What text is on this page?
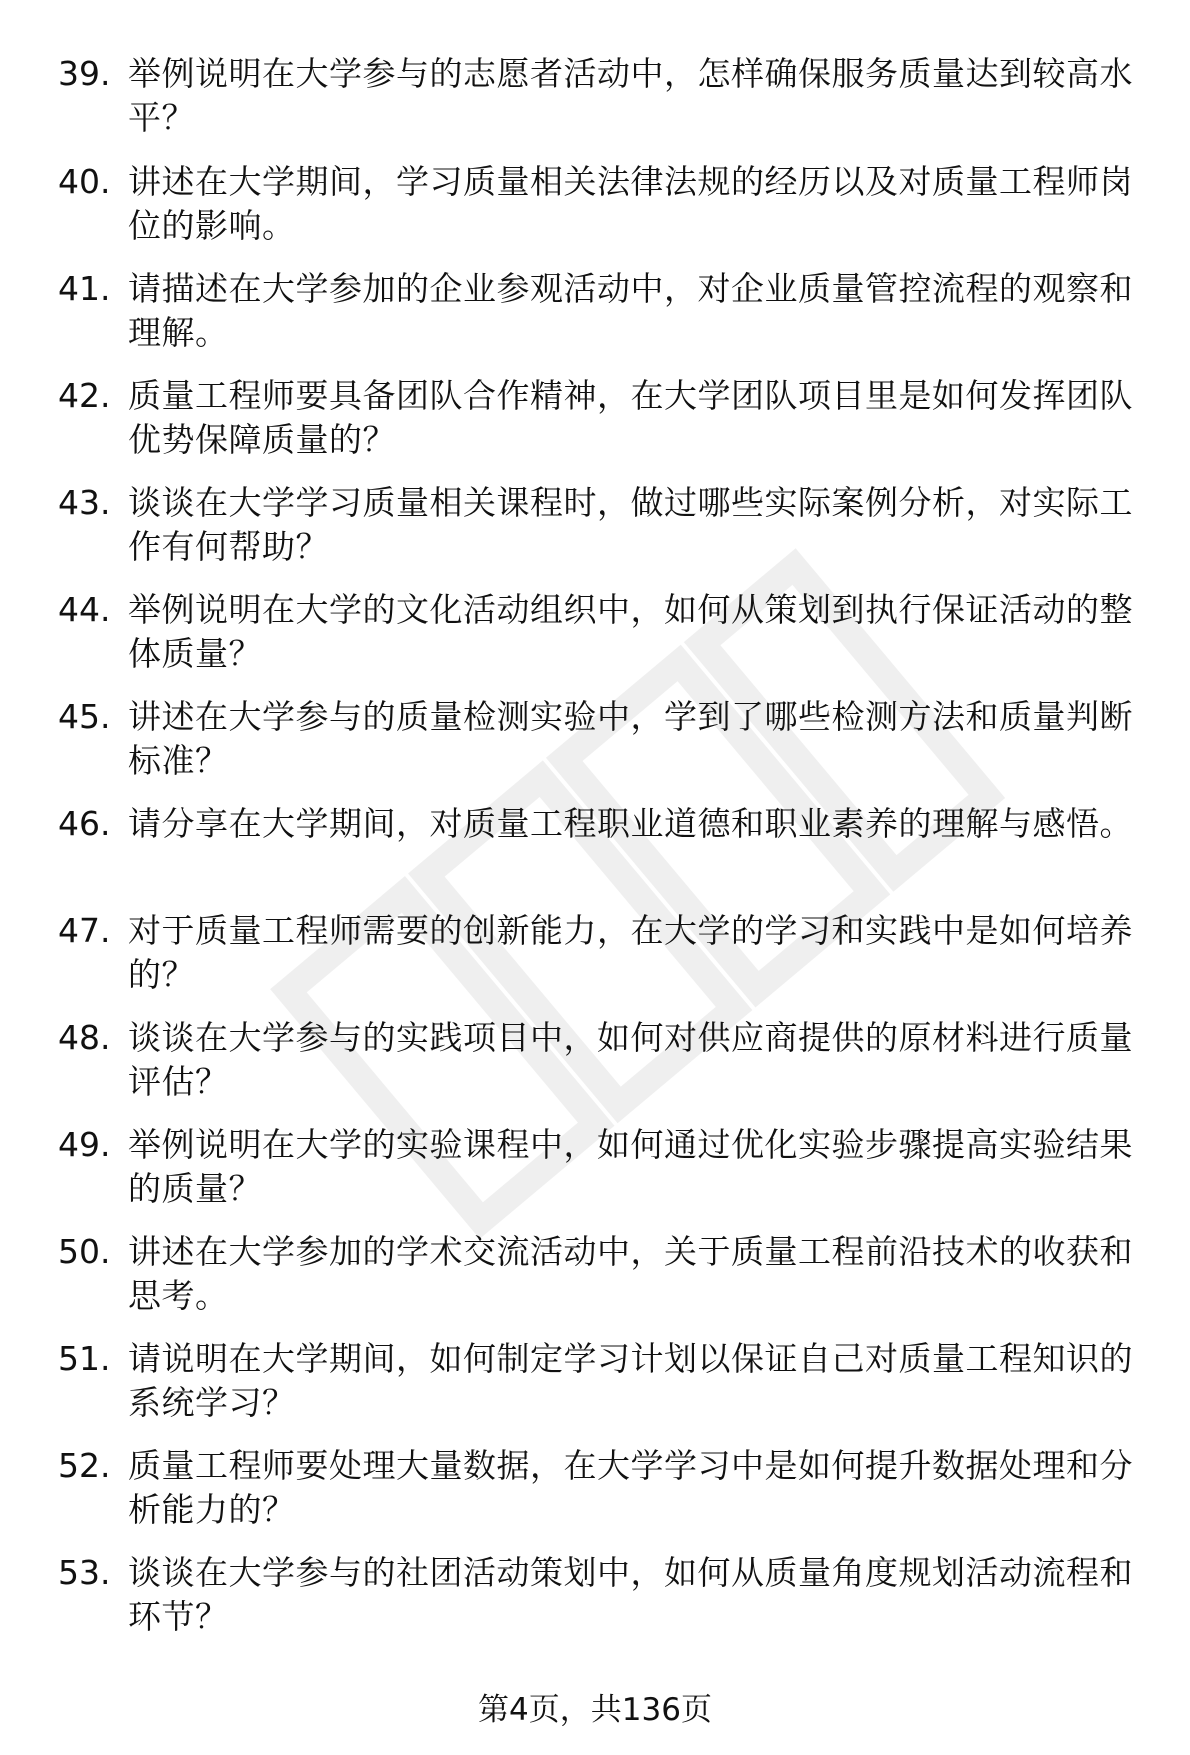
39. 举例说明在大学参与的志愿者活动中，怎样确保服务质量达到较高水平？
40. 讲述在大学期间，学习质量相关法律法规的经历以及对质量工程师岗位的影响。
41. 请描述在大学参加的企业参观活动中，对企业质量管控流程的观察和理解。
42. 质量工程师要具备团队合作精神，在大学团队项目里是如何发挥团队优势保障质量的？
43. 谈谈在大学学习质量相关课程时，做过哪些实际案例分析，对实际工作有何帮助？
44. 举例说明在大学的文化活动组织中，如何从策划到执行保证活动的整体质量？
45. 讲述在大学参与的质量检测实验中，学到了哪些检测方法和质量判断标准？
46. 请分享在大学期间，对质量工程职业道德和职业素养的理解与感悟。
47. 对于质量工程师需要的创新能力，在大学的学习和实践中是如何培养的？
48. 谈谈在大学参与的实践项目中，如何对供应商提供的原材料进行质量评估？
49. 举例说明在大学的实验课程中，如何通过优化实验步骤提高实验结果的质量？
50. 讲述在大学参加的学术交流活动中，关于质量工程前沿技术的收获和思考。
51. 请说明在大学期间，如何制定学习计划以保证自己对质量工程知识的系统学习？
52. 质量工程师要处理大量数据，在大学学习中是如何提升数据处理和分析能力的？
53. 谈谈在大学参与的社团活动策划中，如何从质量角度规划活动流程和环节？
第4页，共136页
